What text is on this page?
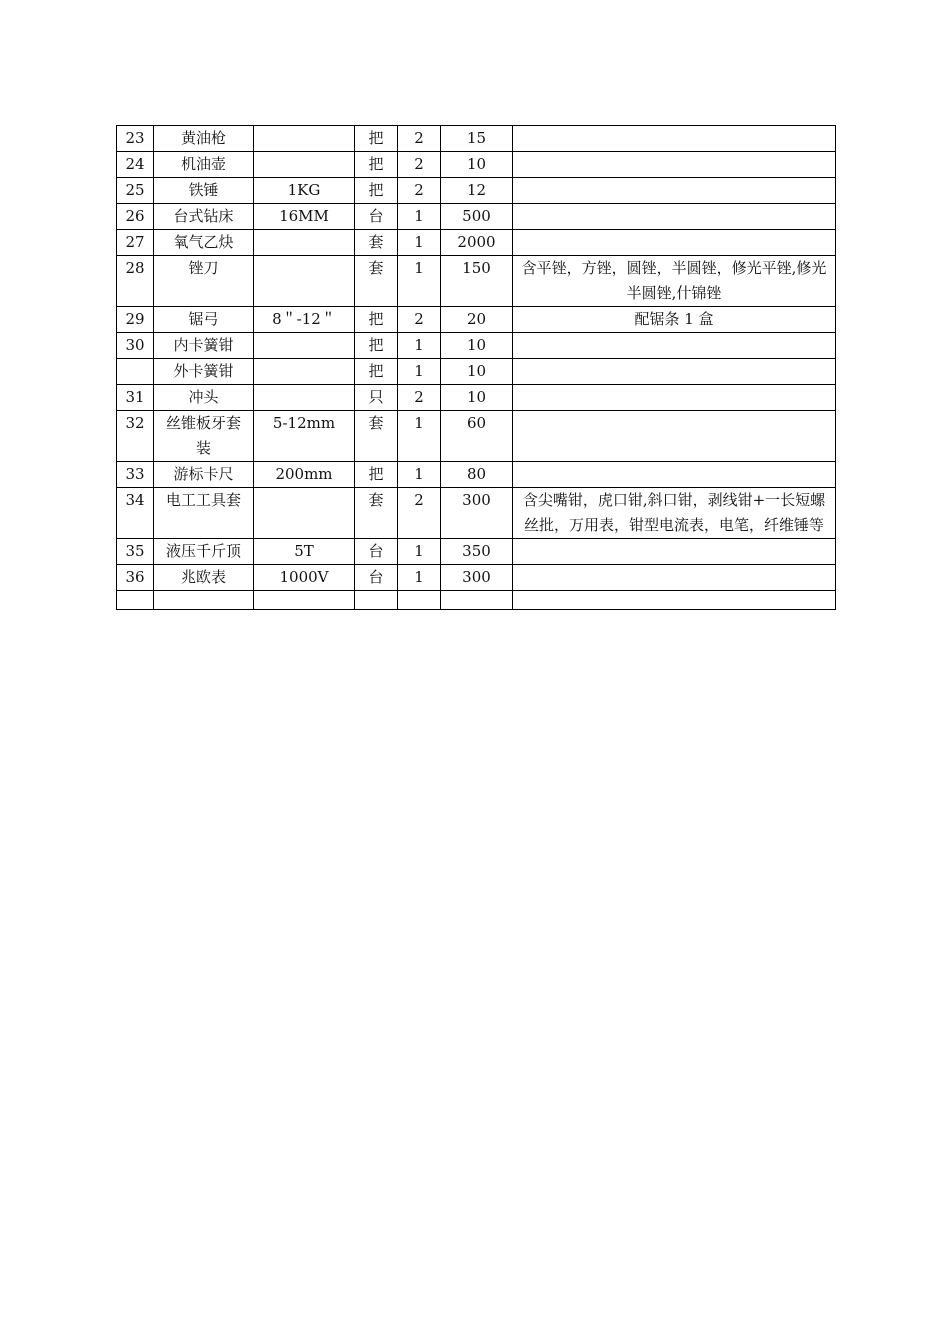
23	黄油枪		把	2	15	
24	机油壶		把	2	10	
25	铁锤	1KG	把	2	12	
26	台式钻床	16MM	台	1	500	
27	氧气乙炔		套	1	2000	
28	锉刀		套	1	150	含平锉，方锉，圆锉，半圆锉，修光平锉,修光半圆锉,什锦锉
29	锯弓	8＂-12＂	把	2	20	配锯条 1 盒
30	内卡簧钳		把	1	10	
	外卡簧钳		把	1	10	
31	冲头		只	2	10	
32	丝锥板牙套装	5-12mm	套	1	60	
33	游标卡尺	200mm	把	1	80	
34	电工工具套		套	2	300	含尖嘴钳，虎口钳,斜口钳，剥线钳+一长短螺丝批，万用表，钳型电流表，电笔，纤维锤等
35	液压千斤顶	5T	台	1	350	
36	兆欧表	1000V	台	1	300	
